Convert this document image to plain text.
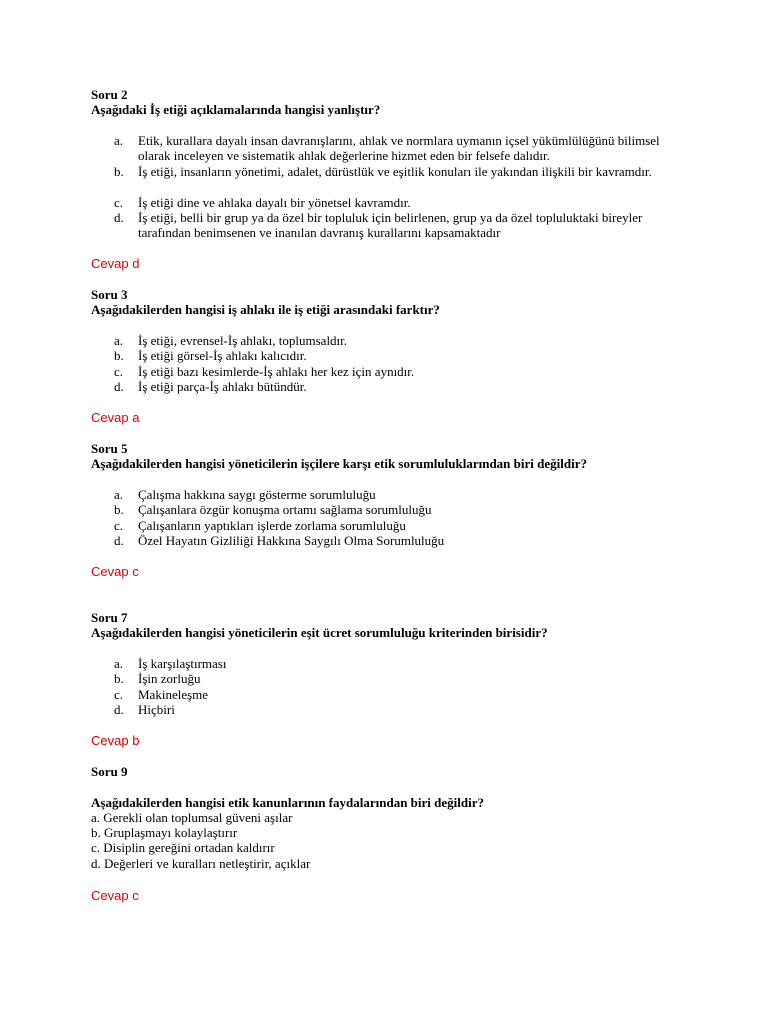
Soru 2
Aşağıdaki İş etiği açıklamalarında hangisi yanlıştır?
a.	Etik, kurallara dayalı insan davranışlarını, ahlak ve normlara uymanın içsel yükümlülüğünü bilimsel olarak inceleyen ve sistematik ahlak değerlerine hizmet eden bir felsefe dalıdır.
b.	İş etiği, insanların yönetimi, adalet, dürüstlük ve eşitlik konuları ile yakından ilişkili bir kavramdır.
c.	İş etiği dine ve ahlaka dayalı bir yönetsel kavramdır.
d.	İş etiği, belli bir grup ya da özel bir topluluk için belirlenen, grup ya da özel topluluktaki bireyler tarafından benimsenen ve inanılan davranış kurallarını kapsamaktadır
Cevap d
Soru 3
Aşağıdakilerden hangisi iş ahlakı ile iş etiği arasındaki farktır?
a.	İş etiği, evrensel-İş ahlakı, toplumsaldır.
b.	İş etiği görsel-İş ahlakı kalıcıdır.
c.	İş etiği bazı kesimlerde-İş ahlakı her kez için aynıdır.
d.	İş etiği parça-İş ahlakı bütündür.
Cevap a
Soru 5
Aşağıdakilerden hangisi yöneticilerin işçilere karşı etik sorumluluklarından biri değildir?
a.	Çalışma hakkına saygı gösterme sorumluluğu
b.	Çalışanlara özgür konuşma ortamı sağlama sorumluluğu
c.	Çalışanların yaptıkları işlerde zorlama sorumluluğu
d.	Özel Hayatın Gizliliği Hakkına Saygılı Olma Sorumluluğu
Cevap c
Soru 7
Aşağıdakilerden hangisi yöneticilerin eşit ücret sorumluluğu kriterinden birisidir?
a.	İş karşılaştırması
b.	İşin zorluğu
c.	Makineleşme
d.	Hiçbiri
Cevap b
Soru 9
Aşağıdakilerden hangisi etik kanunlarının faydalarından biri değildir?
a. Gerekli olan toplumsal güveni aşılar
b. Gruplaşmayı kolaylaştırır
c. Disiplin gereğini ortadan kaldırır
d. Değerleri ve kuralları netleştirir, açıklar
Cevap c
